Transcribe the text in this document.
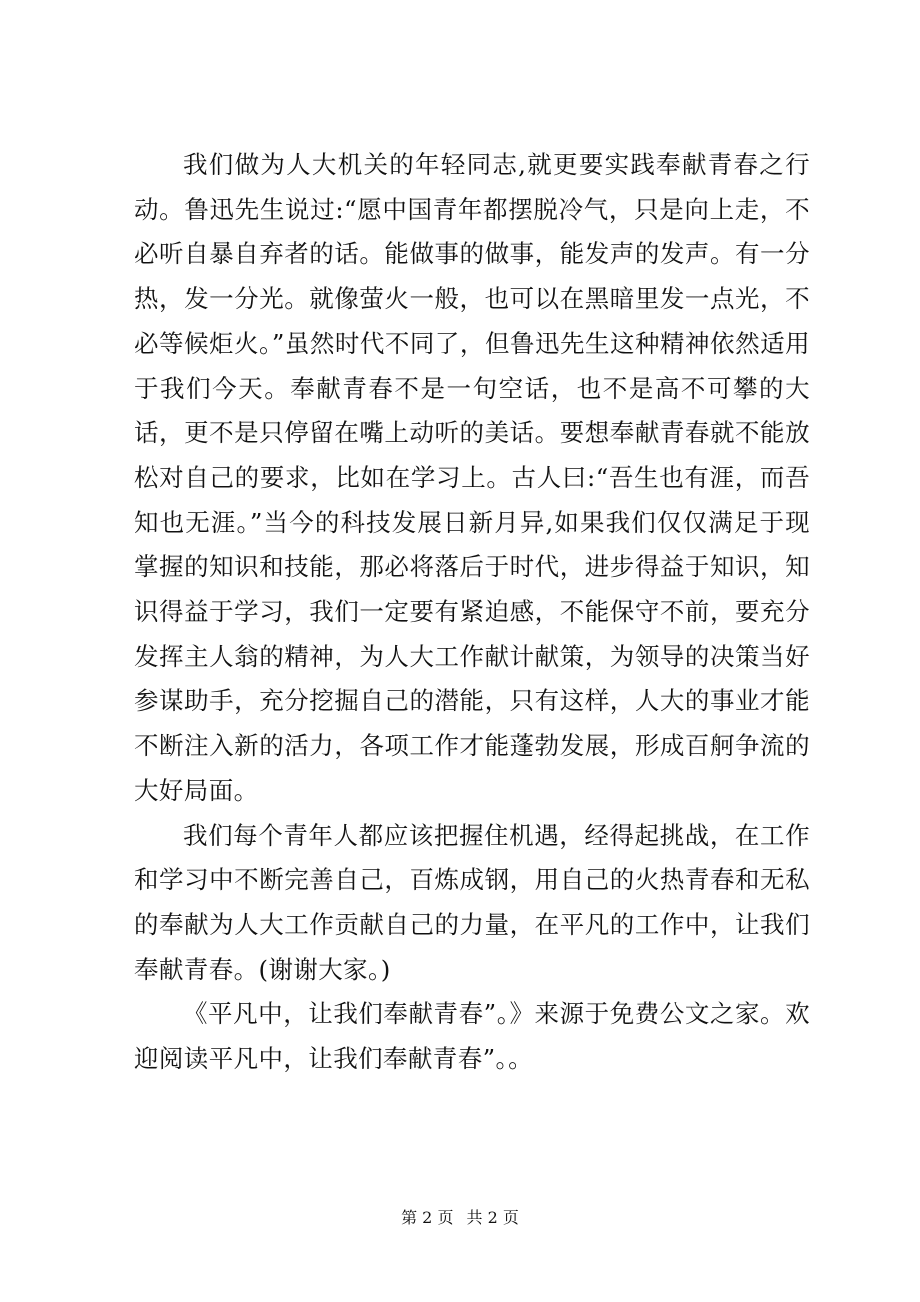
我们做为人大机关的年轻同志,就更要实践奉献青春之行动。鲁迅先生说过:“愿中国青年都摆脱冷气，只是向上走，不必听自暴自弃者的话。能做事的做事，能发声的发声。有一分热，发一分光。就像萤火一般，也可以在黑暗里发一点光，不必等候炬火。”虽然时代不同了，但鲁迅先生这种精神依然适用于我们今天。奉献青春不是一句空话，也不是高不可攀的大话，更不是只停留在嘴上动听的美话。要想奉献青春就不能放松对自己的要求，比如在学习上。古人曰:“吾生也有涯，而吾知也无涯。”当今的科技发展日新月异,如果我们仅仅满足于现掌握的知识和技能，那必将落后于时代，进步得益于知识，知识得益于学习，我们一定要有紧迫感，不能保守不前，要充分发挥主人翁的精神，为人大工作献计献策，为领导的决策当好参谋助手，充分挖掘自己的潜能，只有这样，人大的事业才能不断注入新的活力，各项工作才能蓬勃发展，形成百舸争流的大好局面。

我们每个青年人都应该把握住机遇，经得起挑战，在工作和学习中不断完善自己，百炼成钢，用自己的火热青春和无私的奉献为人大工作贡献自己的力量，在平凡的工作中，让我们奉献青春。(谢谢大家。)

《平凡中，让我们奉献青春”。》来源于免费公文之家。欢迎阅读平凡中，让我们奉献青春”。。

第 2 页 共 2 页
